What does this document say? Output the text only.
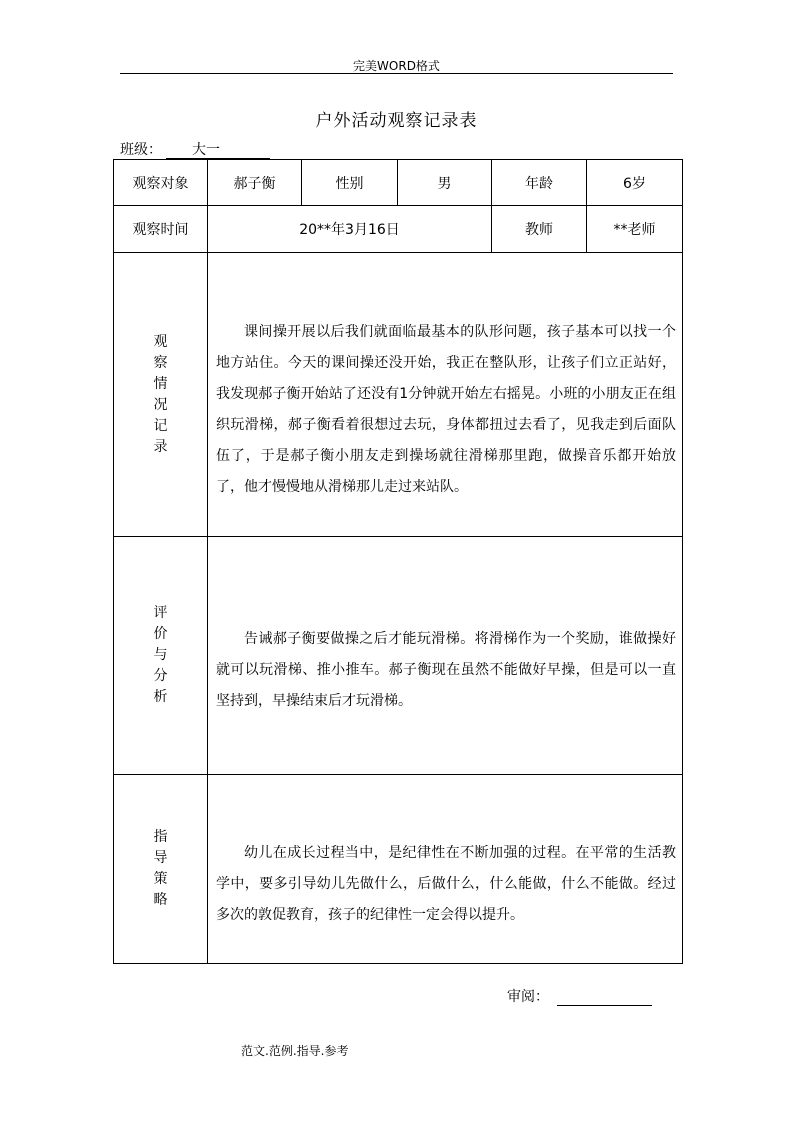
完美WORD格式
户外活动观察记录表
班级：	大一
观察对象	郝子衡	性别	男	年龄	6岁
观察时间	20**年3月16日			教师	**老师

观察情况记录	课间操开展以后我们就面临最基本的队形问题，孩子基本可以找一个地方站住。今天的课间操还没开始，我正在整队形，让孩子们立正站好，我发现郝子衡开始站了还没有1分钟就开始左右摇晃。小班的小朋友正在组织玩滑梯，郝子衡看着很想过去玩，身体都扭过去看了，见我走到后面队伍了，于是郝子衡小朋友走到操场就往滑梯那里跑，做操音乐都开始放了，他才慢慢地从滑梯那儿走过来站队。				

评价与分析	告诫郝子衡要做操之后才能玩滑梯。将滑梯作为一个奖励，谁做操好就可以玩滑梯、推小推车。郝子衡现在虽然不能做好早操，但是可以一直坚持到，早操结束后才玩滑梯。				

指导策略	幼儿在成长过程当中，是纪律性在不断加强的过程。在平常的生活教学中，要多引导幼儿先做什么，后做什么，什么能做，什么不能做。经过多次的敦促教育，孩子的纪律性一定会得以提升。				
审阅：
范文.范例.指导.参考
